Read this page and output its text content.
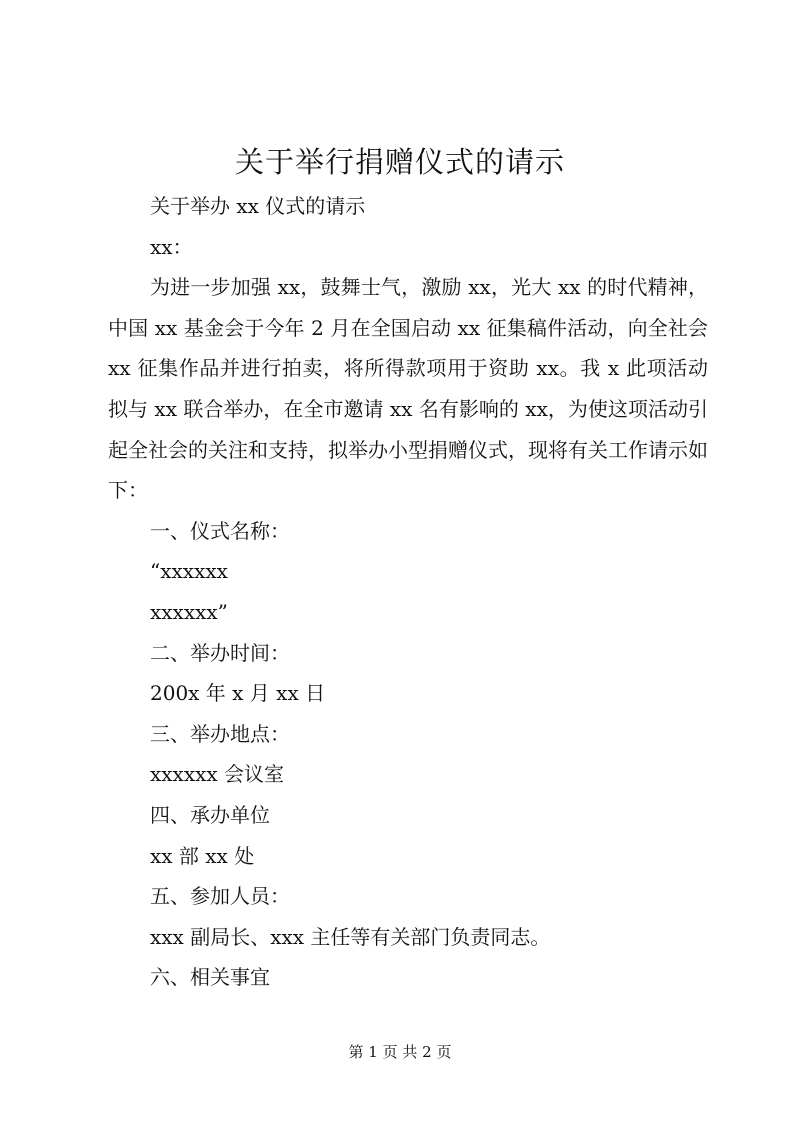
关于举行捐赠仪式的请示

关于举办 xx 仪式的请示

xx：

为进一步加强 xx，鼓舞士气，激励 xx，光大 xx 的时代精神，中国 xx 基金会于今年 2 月在全国启动 xx 征集稿件活动，向全社会 xx 征集作品并进行拍卖，将所得款项用于资助 xx。我 x 此项活动拟与 xx 联合举办，在全市邀请 xx 名有影响的 xx，为使这项活动引起全社会的关注和支持，拟举办小型捐赠仪式，现将有关工作请示如下：

一、仪式名称：

“xxxxxx

xxxxxx”

二、举办时间：

200x 年 x 月 xx 日

三、举办地点：

xxxxxx 会议室

四、承办单位

xx 部 xx 处

五、参加人员：

xxx 副局长、xxx 主任等有关部门负责同志。

六、相关事宜

第 1 页 共 2 页
